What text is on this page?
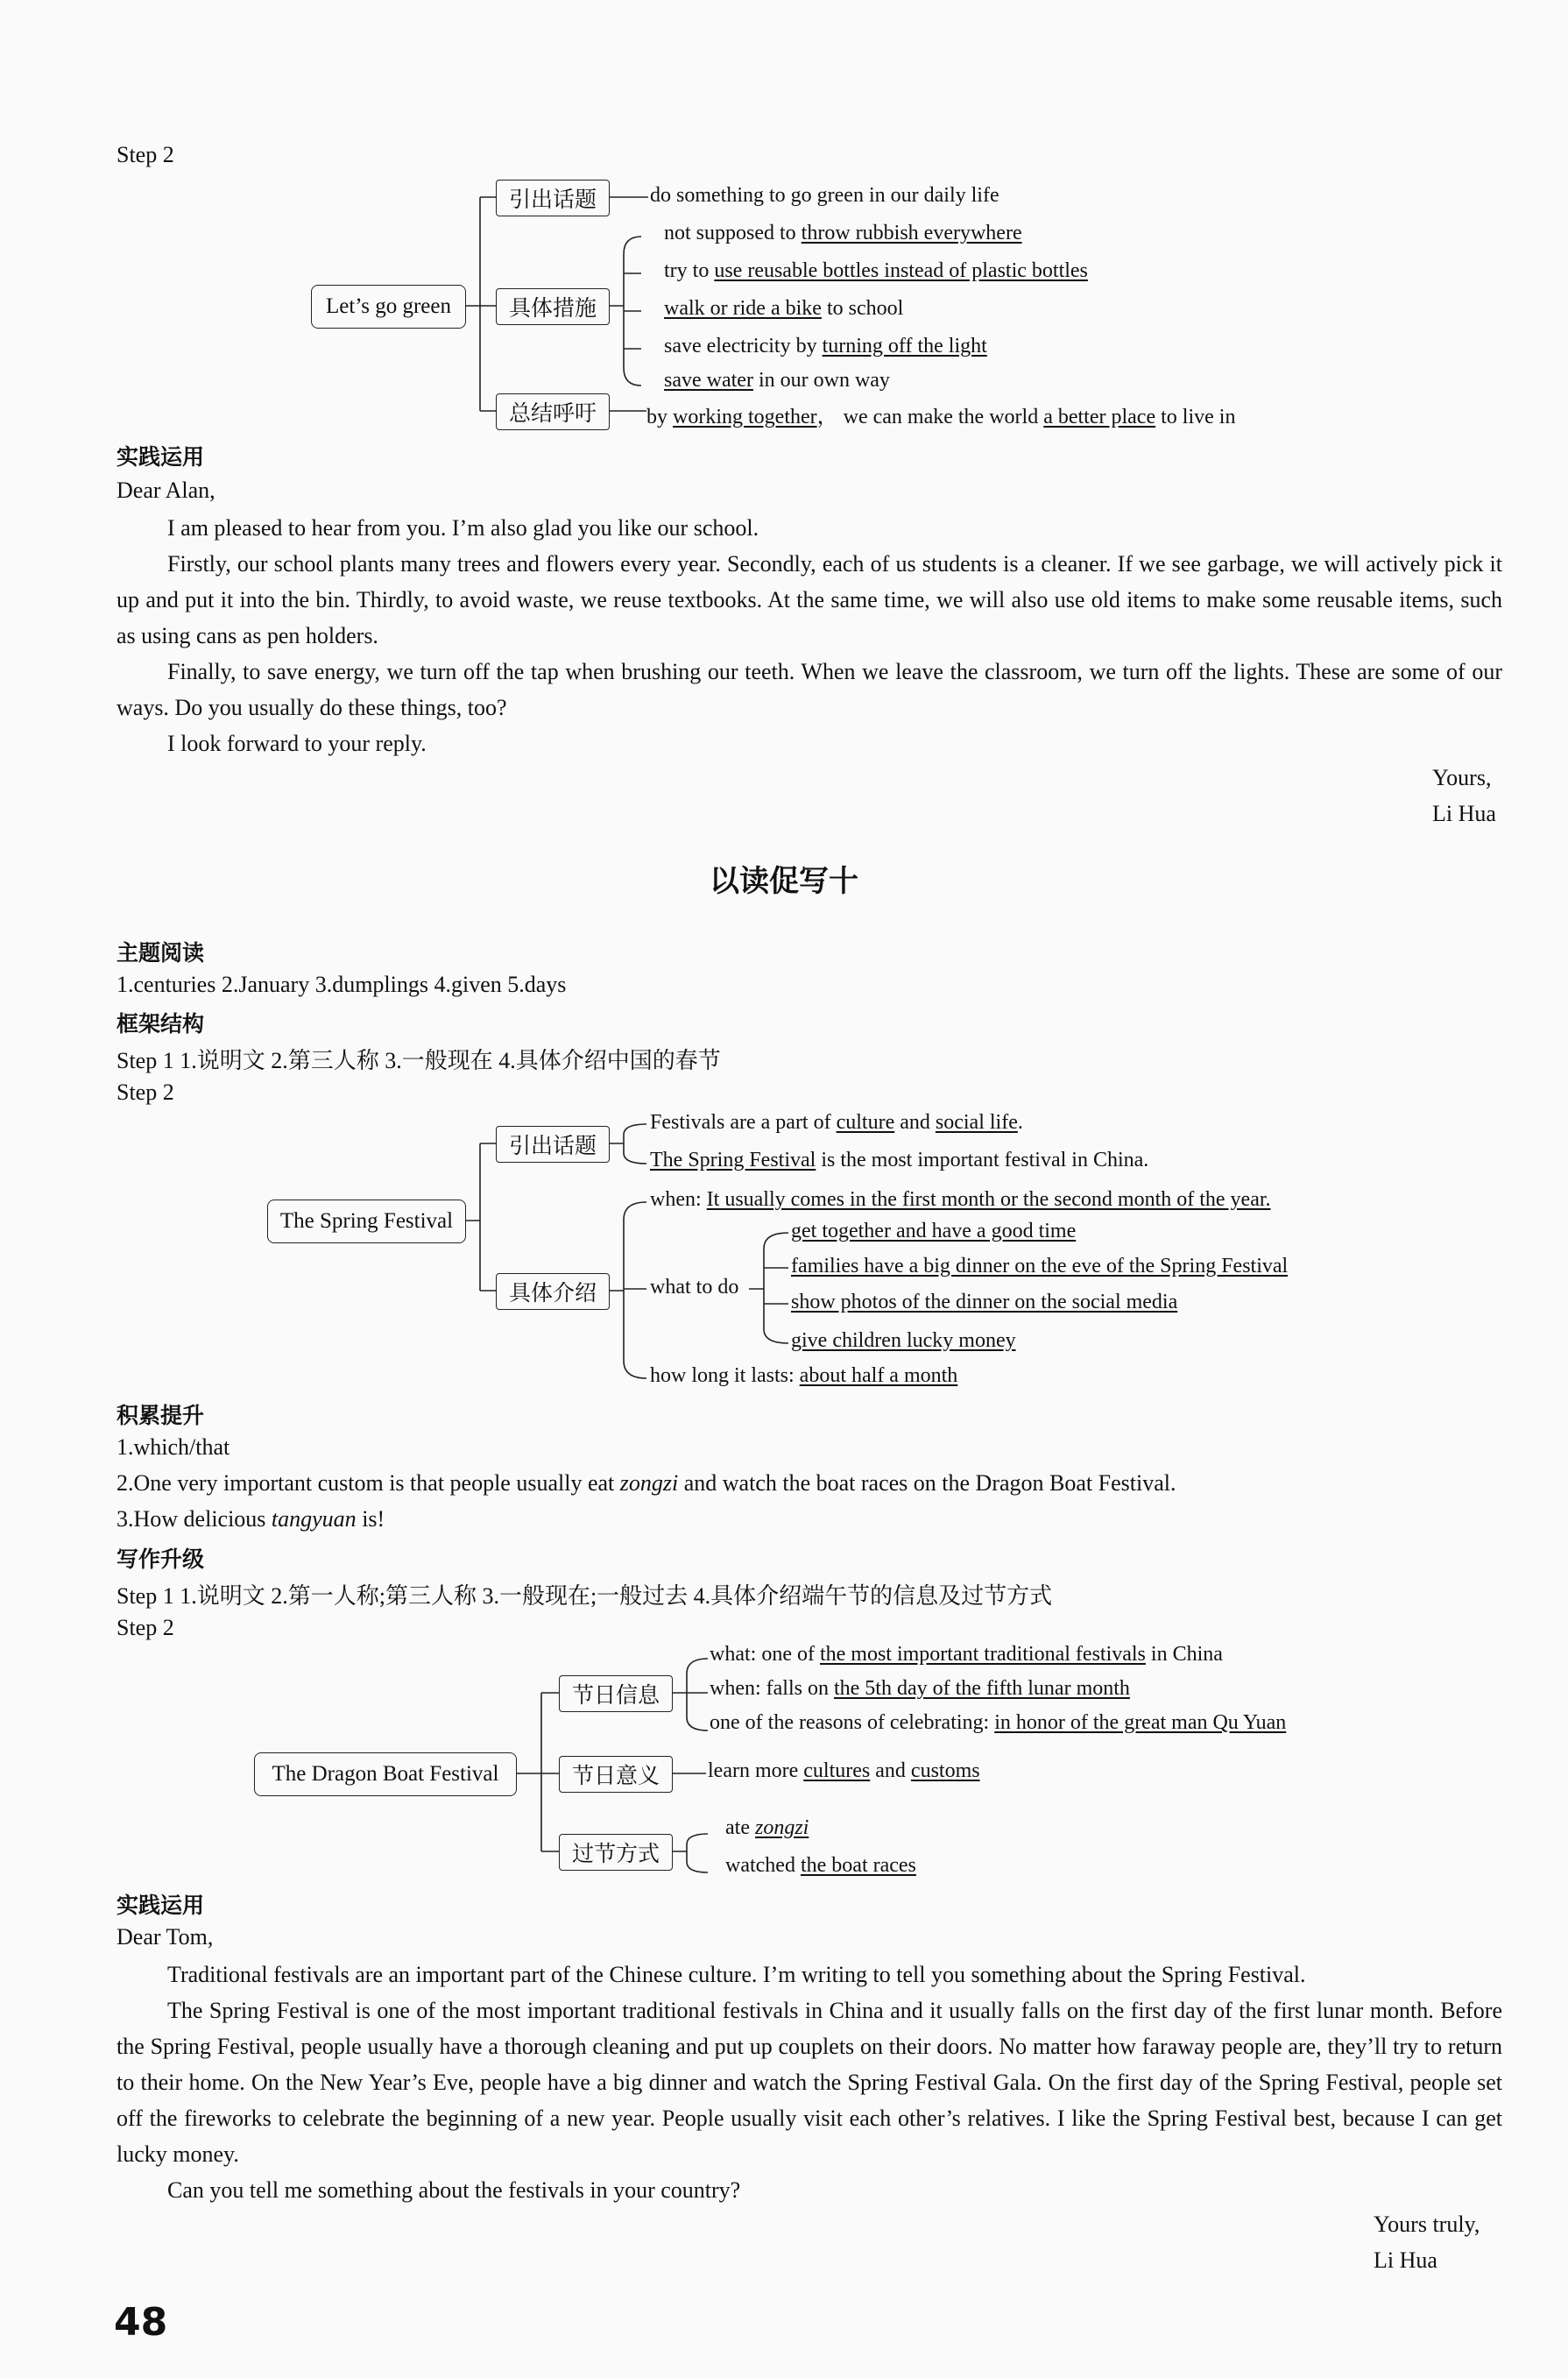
Step 2
Let’s go green
引出话题
具体措施
总结呼吁
do something to go green in our daily life
not supposed to throw rubbish everywhere
try to use reusable bottles instead of plastic bottles
walk or ride a bike to school
save electricity by turning off the light
save water in our own way
by working together， we can make the world a better place to live in
实践运用
Dear Alan,
I am pleased to hear from you. I’m also glad you like our school.
Firstly, our school plants many trees and flowers every year. Secondly, each of us students is a cleaner. If we see garbage, we will actively pick it up and put it into the bin. Thirdly, to avoid waste, we reuse textbooks. At the same time, we will also use old items to make some reusable items, such as using cans as pen holders.
Finally, to save energy, we turn off the tap when brushing our teeth. When we leave the classroom, we turn off the lights. These are some of our ways. Do you usually do these things, too?
I look forward to your reply.
Yours,
Li Hua
以读促写十
主题阅读
1.centuries 2.January 3.dumplings 4.given 5.days
框架结构
Step 1 1.说明文 2.第三人称 3.一般现在 4.具体介绍中国的春节
Step 2
The Spring Festival
引出话题
具体介绍
Festivals are a part of culture and social life.
The Spring Festival is the most important festival in China.
when: It usually comes in the first month or the second month of the year.
what to do
get together and have a good time
families have a big dinner on the eve of the Spring Festival
show photos of the dinner on the social media
give children lucky money
how long it lasts: about half a month
积累提升
1.which/that
2.One very important custom is that people usually eat zongzi and watch the boat races on the Dragon Boat Festival.
3.How delicious tangyuan is!
写作升级
Step 1 1.说明文 2.第一人称;第三人称 3.一般现在;一般过去 4.具体介绍端午节的信息及过节方式
Step 2
The Dragon Boat Festival
节日信息
节日意义
过节方式
what: one of the most important traditional festivals in China
when: falls on the 5th day of the fifth lunar month
one of the reasons of celebrating: in honor of the great man Qu Yuan
learn more cultures and customs
ate zongzi
watched the boat races
实践运用
Dear Tom,
Traditional festivals are an important part of the Chinese culture. I’m writing to tell you something about the Spring Festival.
The Spring Festival is one of the most important traditional festivals in China and it usually falls on the first day of the first lunar month. Before the Spring Festival, people usually have a thorough cleaning and put up couplets on their doors. No matter how faraway people are, they’ll try to return to their home. On the New Year’s Eve, people have a big dinner and watch the Spring Festival Gala. On the first day of the Spring Festival, people set off the fireworks to celebrate the beginning of a new year. People usually visit each other’s relatives. I like the Spring Festival best, because I can get lucky money.
Can you tell me something about the festivals in your country?
Yours truly,
Li Hua
48
